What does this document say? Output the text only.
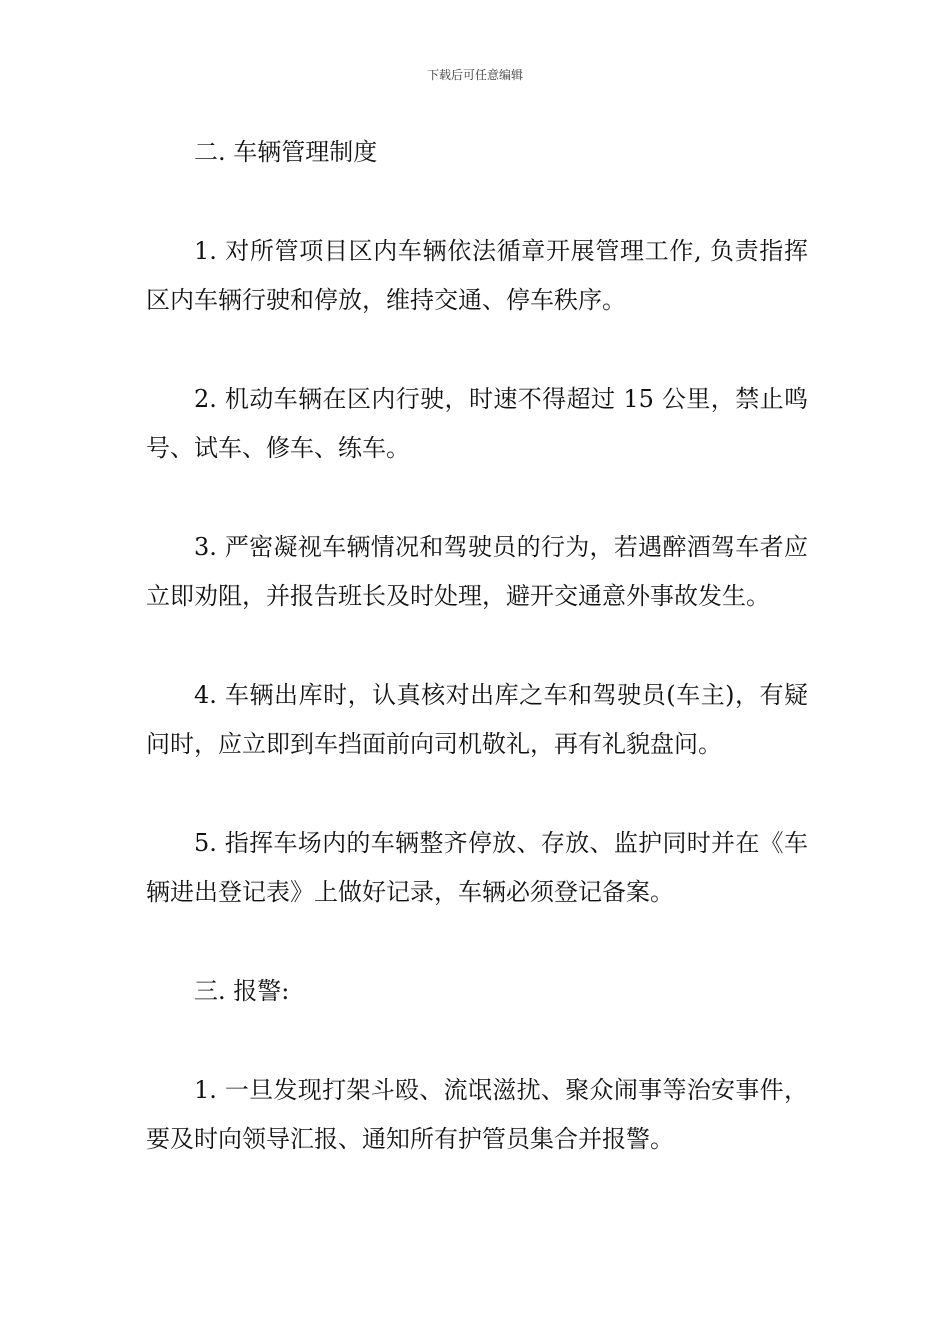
下载后可任意编辑

二. 车辆管理制度

1. 对所管项目区内车辆依法循章开展管理工作, 负责指挥区内车辆行驶和停放，维持交通、停车秩序。

2. 机动车辆在区内行驶，时速不得超过 15 公里，禁止鸣号、试车、修车、练车。

3. 严密凝视车辆情况和驾驶员的行为，若遇醉酒驾车者应立即劝阻，并报告班长及时处理，避开交通意外事故发生。

4. 车辆出库时，认真核对出库之车和驾驶员(车主)，有疑问时，应立即到车挡面前向司机敬礼，再有礼貌盘问。

5. 指挥车场内的车辆整齐停放、存放、监护同时并在《车辆进出登记表》上做好记录，车辆必须登记备案。

三. 报警:

1. 一旦发现打架斗殴、流氓滋扰、聚众闹事等治安事件，要及时向领导汇报、通知所有护管员集合并报警。
